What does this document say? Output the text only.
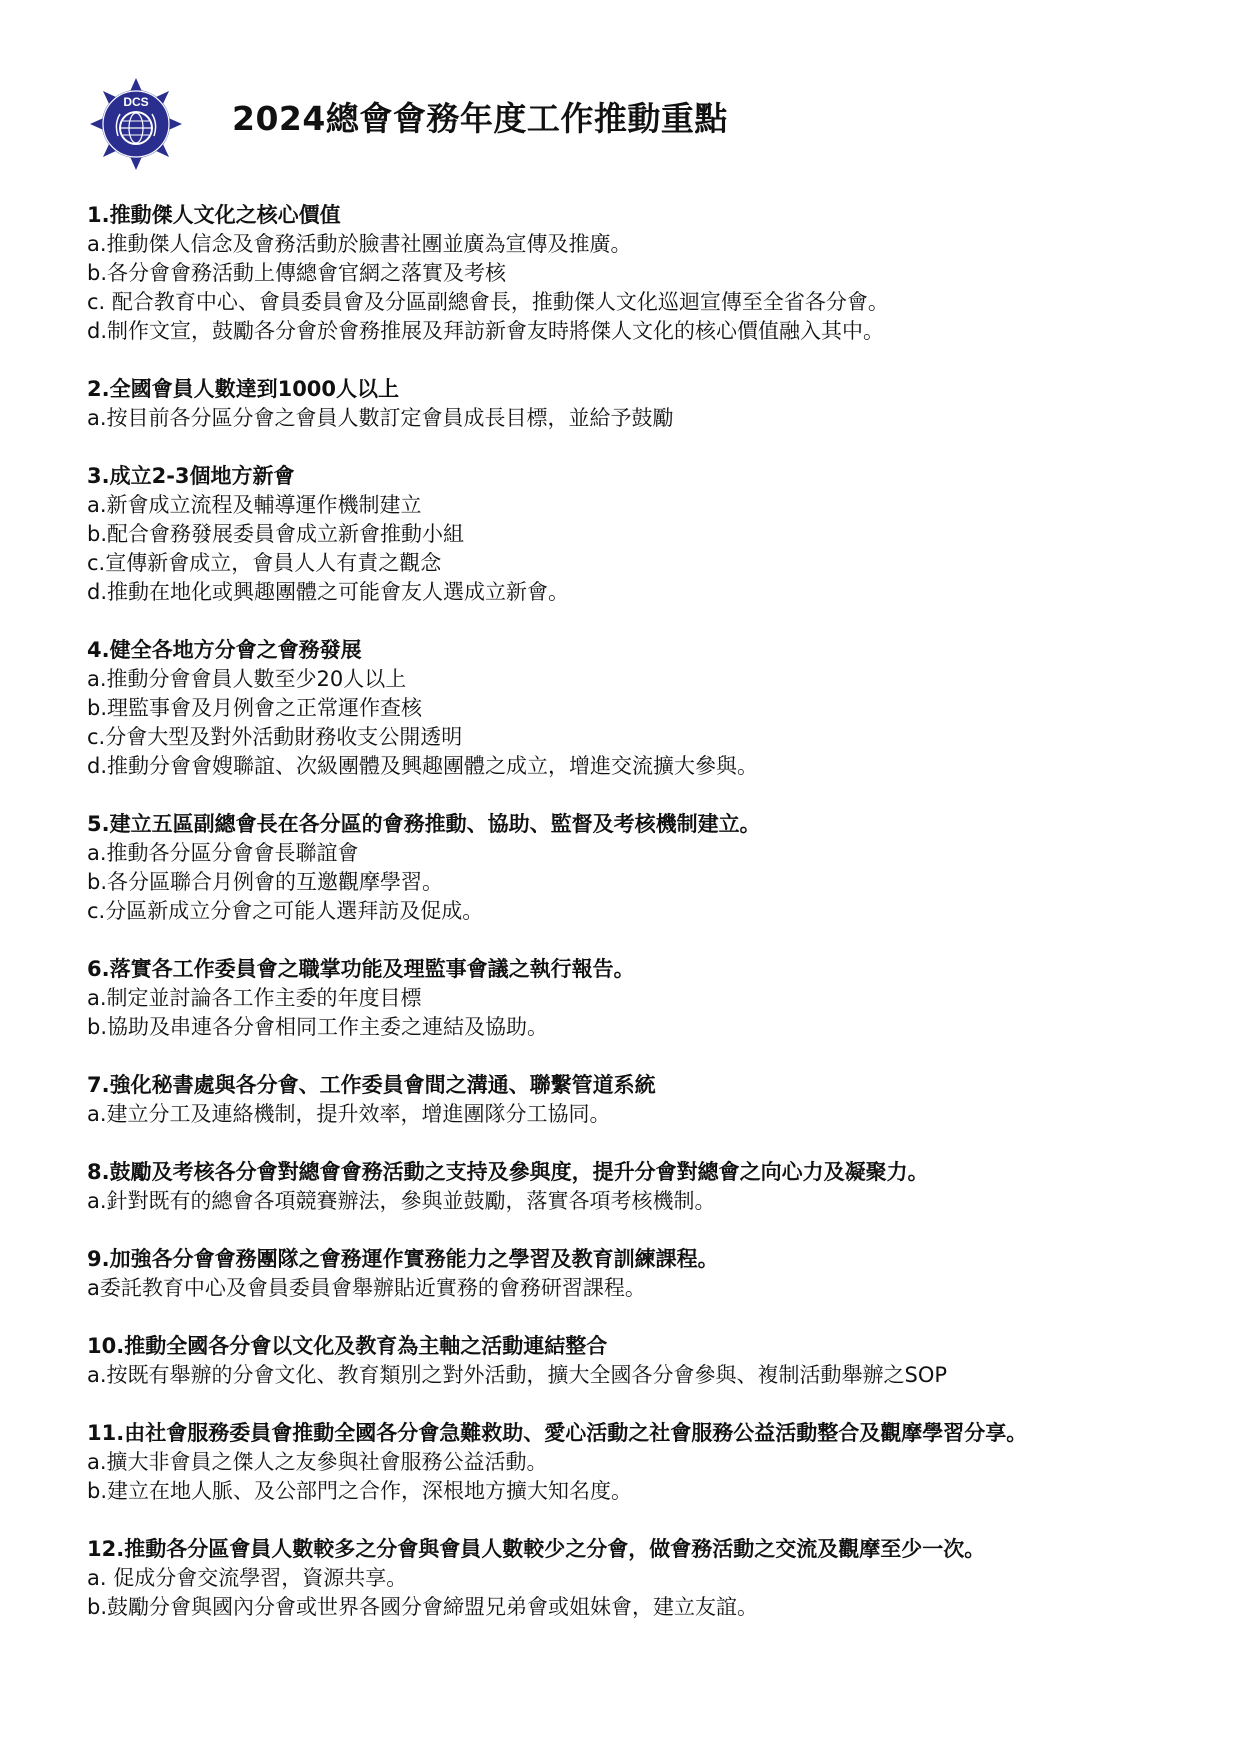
DCS	2024總會會務年度工作推動重點

1.推動傑人文化之核心價值

a.推動傑人信念及會務活動於臉書社團並廣為宣傳及推廣。

b.各分會會務活動上傳總會官網之落實及考核

c. 配合教育中心、會員委員會及分區副總會長，推動傑人文化巡迴宣傳至全省各分會。

d.制作文宣，鼓勵各分會於會務推展及拜訪新會友時將傑人文化的核心價值融入其中。

2.全國會員人數達到1000人以上

a.按目前各分區分會之會員人數訂定會員成長目標，並給予鼓勵

3.成立2-3個地方新會

a.新會成立流程及輔導運作機制建立

b.配合會務發展委員會成立新會推動小組

c.宣傳新會成立，會員人人有責之觀念

d.推動在地化或興趣團體之可能會友人選成立新會。

4.健全各地方分會之會務發展

a.推動分會會員人數至少20人以上

b.理監事會及月例會之正常運作查核

c.分會大型及對外活動財務收支公開透明

d.推動分會會嫂聯誼、次級團體及興趣團體之成立，增進交流擴大參與。

5.建立五區副總會長在各分區的會務推動、協助、監督及考核機制建立。

a.推動各分區分會會長聯誼會

b.各分區聯合月例會的互邀觀摩學習。

c.分區新成立分會之可能人選拜訪及促成。

6.落實各工作委員會之職掌功能及理監事會議之執行報告。

a.制定並討論各工作主委的年度目標

b.協助及串連各分會相同工作主委之連結及協助。

7.強化秘書處與各分會、工作委員會間之溝通、聯繫管道系統

a.建立分工及連絡機制，提升效率，增進團隊分工協同。

8.鼓勵及考核各分會對總會會務活動之支持及參與度，提升分會對總會之向心力及凝聚力。

a.針對既有的總會各項競賽辦法，參與並鼓勵，落實各項考核機制。

9.加強各分會會務團隊之會務運作實務能力之學習及教育訓練課程。

a委託教育中心及會員委員會舉辦貼近實務的會務研習課程。

10.推動全國各分會以文化及教育為主軸之活動連結整合

a.按既有舉辦的分會文化、教育類別之對外活動，擴大全國各分會參與、複制活動舉辦之SOP

11.由社會服務委員會推動全國各分會急難救助、愛心活動之社會服務公益活動整合及觀摩學習分享。

a.擴大非會員之傑人之友參與社會服務公益活動。

b.建立在地人脈、及公部門之合作，深根地方擴大知名度。

12.推動各分區會員人數較多之分會與會員人數較少之分會，做會務活動之交流及觀摩至少一次。

a. 促成分會交流學習，資源共享。

b.鼓勵分會與國內分會或世界各國分會締盟兄弟會或姐妹會，建立友誼。
